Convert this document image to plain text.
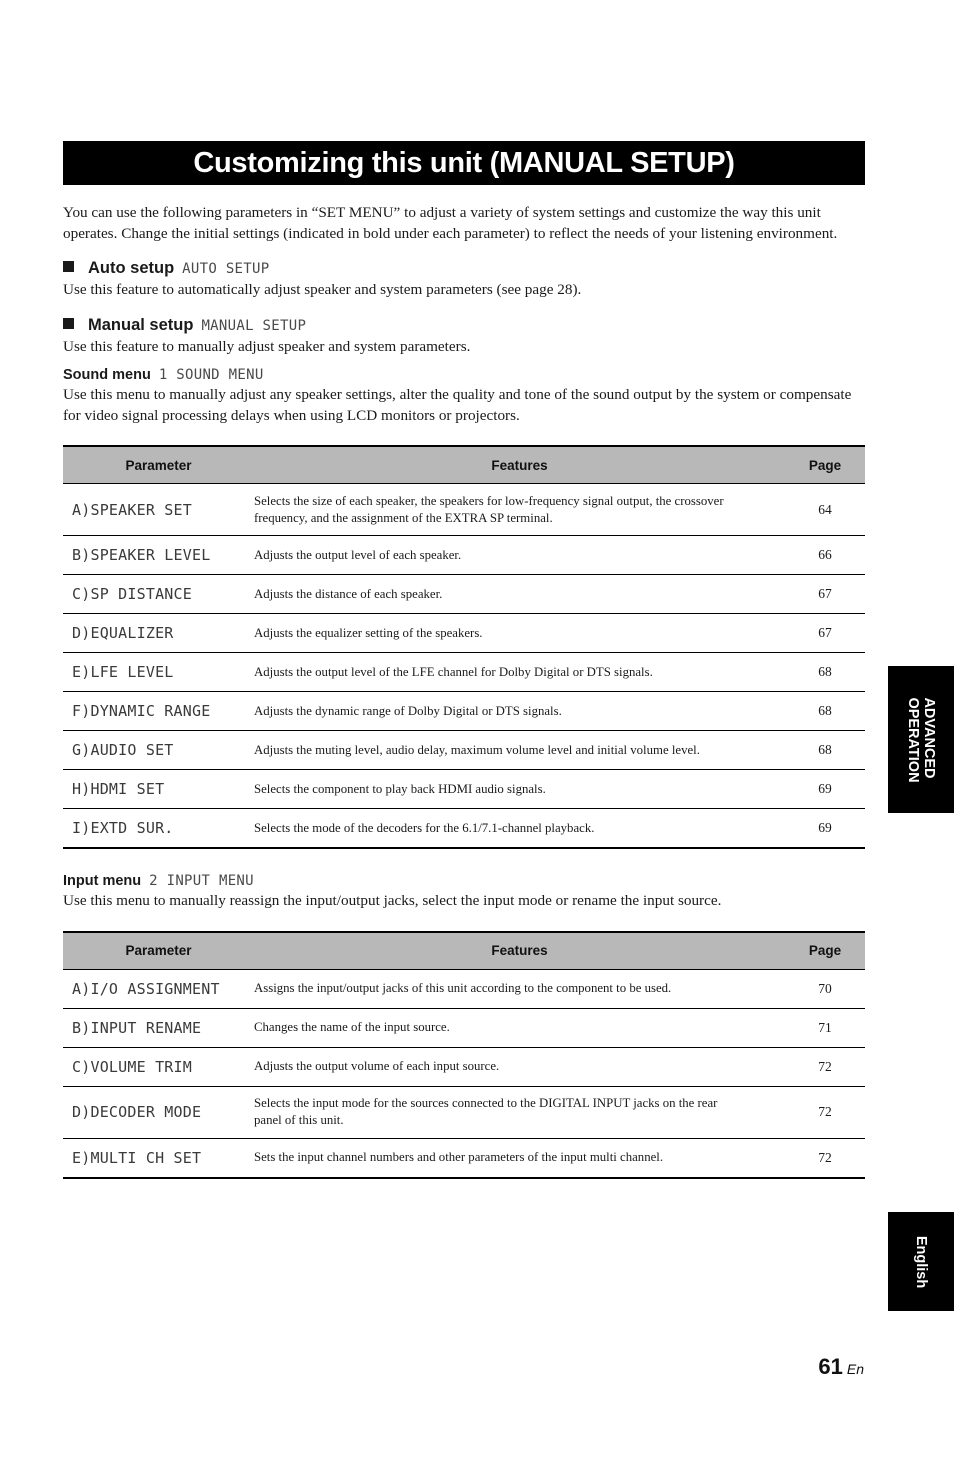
Customizing this unit (MANUAL SETUP)

You can use the following parameters in “SET MENU” to adjust a variety of system settings and customize the way this unit operates. Change the initial settings (indicated in bold under each parameter) to reflect the needs of your listening environment.

Auto setup AUTO SETUP

Use this feature to automatically adjust speaker and system parameters (see page 28).

Manual setup MANUAL SETUP

Use this feature to manually adjust speaker and system parameters.

Sound menu 1 SOUND MENU

Use this menu to manually adjust any speaker settings, alter the quality and tone of the sound output by the system or compensate for video signal processing delays when using LCD monitors or projectors.

Parameter	Features	Page
A)SPEAKER SET	Selects the size of each speaker, the speakers for low-frequency signal output, the crossover frequency, and the assignment of the EXTRA SP terminal.	64
B)SPEAKER LEVEL	Adjusts the output level of each speaker.	66
C)SP DISTANCE	Adjusts the distance of each speaker.	67
D)EQUALIZER	Adjusts the equalizer setting of the speakers.	67
E)LFE LEVEL	Adjusts the output level of the LFE channel for Dolby Digital or DTS signals.	68
F)DYNAMIC RANGE	Adjusts the dynamic range of Dolby Digital or DTS signals.	68
G)AUDIO SET	Adjusts the muting level, audio delay, maximum volume level and initial volume level.	68
H)HDMI SET	Selects the component to play back HDMI audio signals.	69
I)EXTD SUR.	Selects the mode of the decoders for the 6.1/7.1-channel playback.	69

Input menu 2 INPUT MENU

Use this menu to manually reassign the input/output jacks, select the input mode or rename the input source.

Parameter	Features	Page
A)I/O ASSIGNMENT	Assigns the input/output jacks of this unit according to the component to be used.	70
B)INPUT RENAME	Changes the name of the input source.	71
C)VOLUME TRIM	Adjusts the output volume of each input source.	72
D)DECODER MODE	Selects the input mode for the sources connected to the DIGITAL INPUT jacks on the rear panel of this unit.	72
E)MULTI CH SET	Sets the input channel numbers and other parameters of the input multi channel.	72
ADVANCED
OPERATION
English
61 En
